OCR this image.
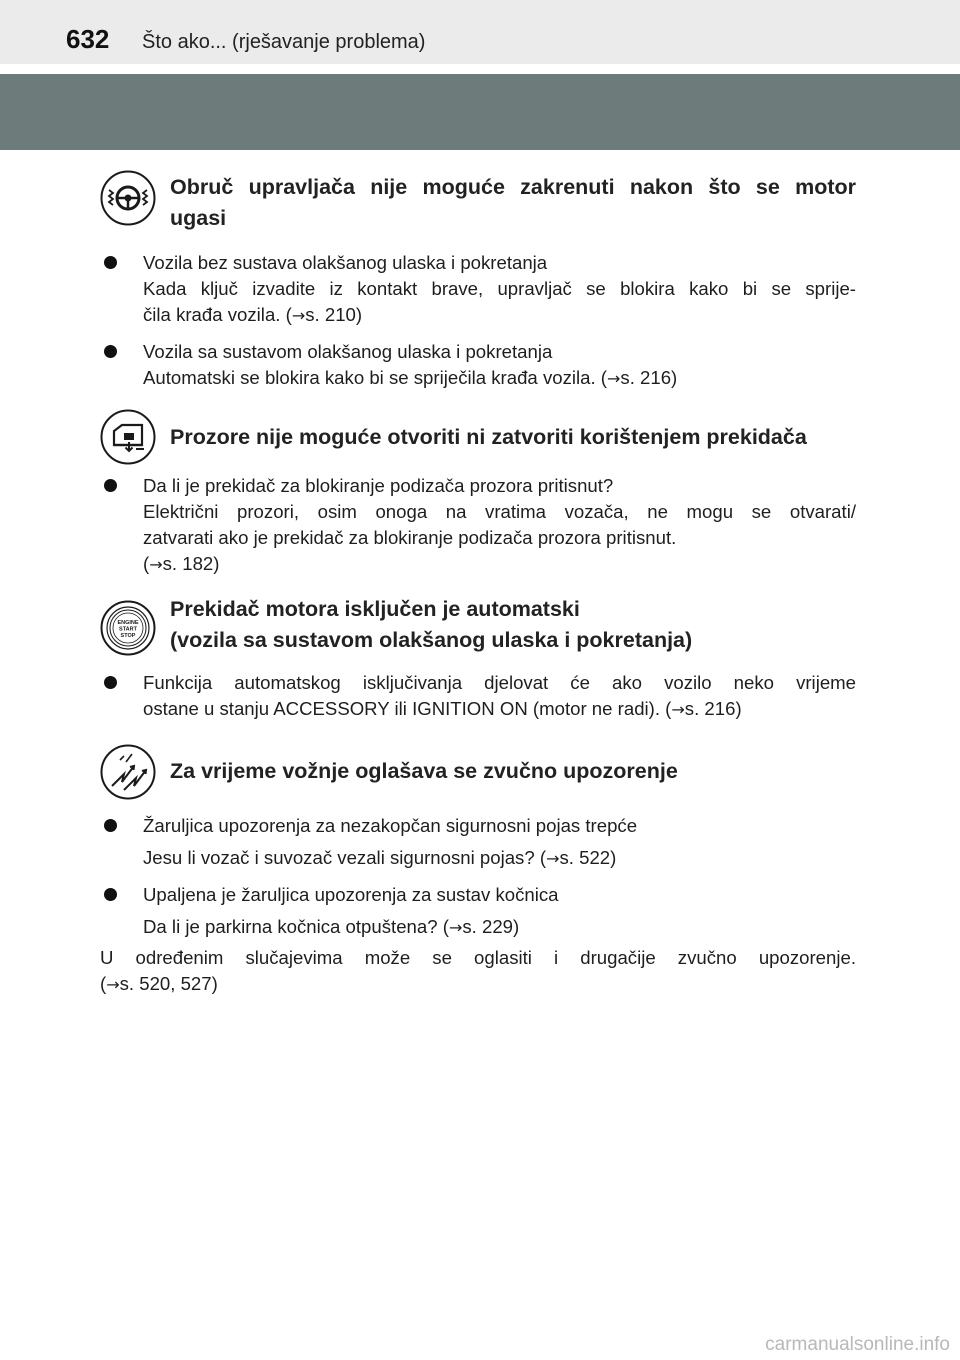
632 Što ako... (rješavanje problema)
Obruč upravljača nije moguće zakrenuti nakon što se motor
ugasi
Vozila bez sustava olakšanog ulaska i pokretanja
Kada ključ izvadite iz kontakt brave, upravljač se blokira kako bi se sprije-
čila krađa vozila. (→s. 210)
Vozila sa sustavom olakšanog ulaska i pokretanja
Automatski se blokira kako bi se spriječila krađa vozila. (→s. 216)
Prozore nije moguće otvoriti ni zatvoriti korištenjem prekidača
Da li je prekidač za blokiranje podizača prozora pritisnut?
Električni prozori, osim onoga na vratima vozača, ne mogu se otvarati/
zatvarati ako je prekidač za blokiranje podizača prozora pritisnut.
(→s. 182)
ENGINE
START
STOP
Prekidač motora isključen je automatski
(vozila sa sustavom olakšanog ulaska i pokretanja)
Funkcija automatskog isključivanja djelovat će ako vozilo neko vrijeme
ostane u stanju ACCESSORY ili IGNITION ON (motor ne radi). (→s. 216)
Za vrijeme vožnje oglašava se zvučno upozorenje
Žaruljica upozorenja za nezakopčan sigurnosni pojas trepće
Jesu li vozač i suvozač vezali sigurnosni pojas? (→s. 522)
Upaljena je žaruljica upozorenja za sustav kočnica
Da li je parkirna kočnica otpuštena? (→s. 229)
U određenim slučajevima može se oglasiti i drugačije zvučno upozorenje.
(→s. 520, 527)
carmanualsonline.info
